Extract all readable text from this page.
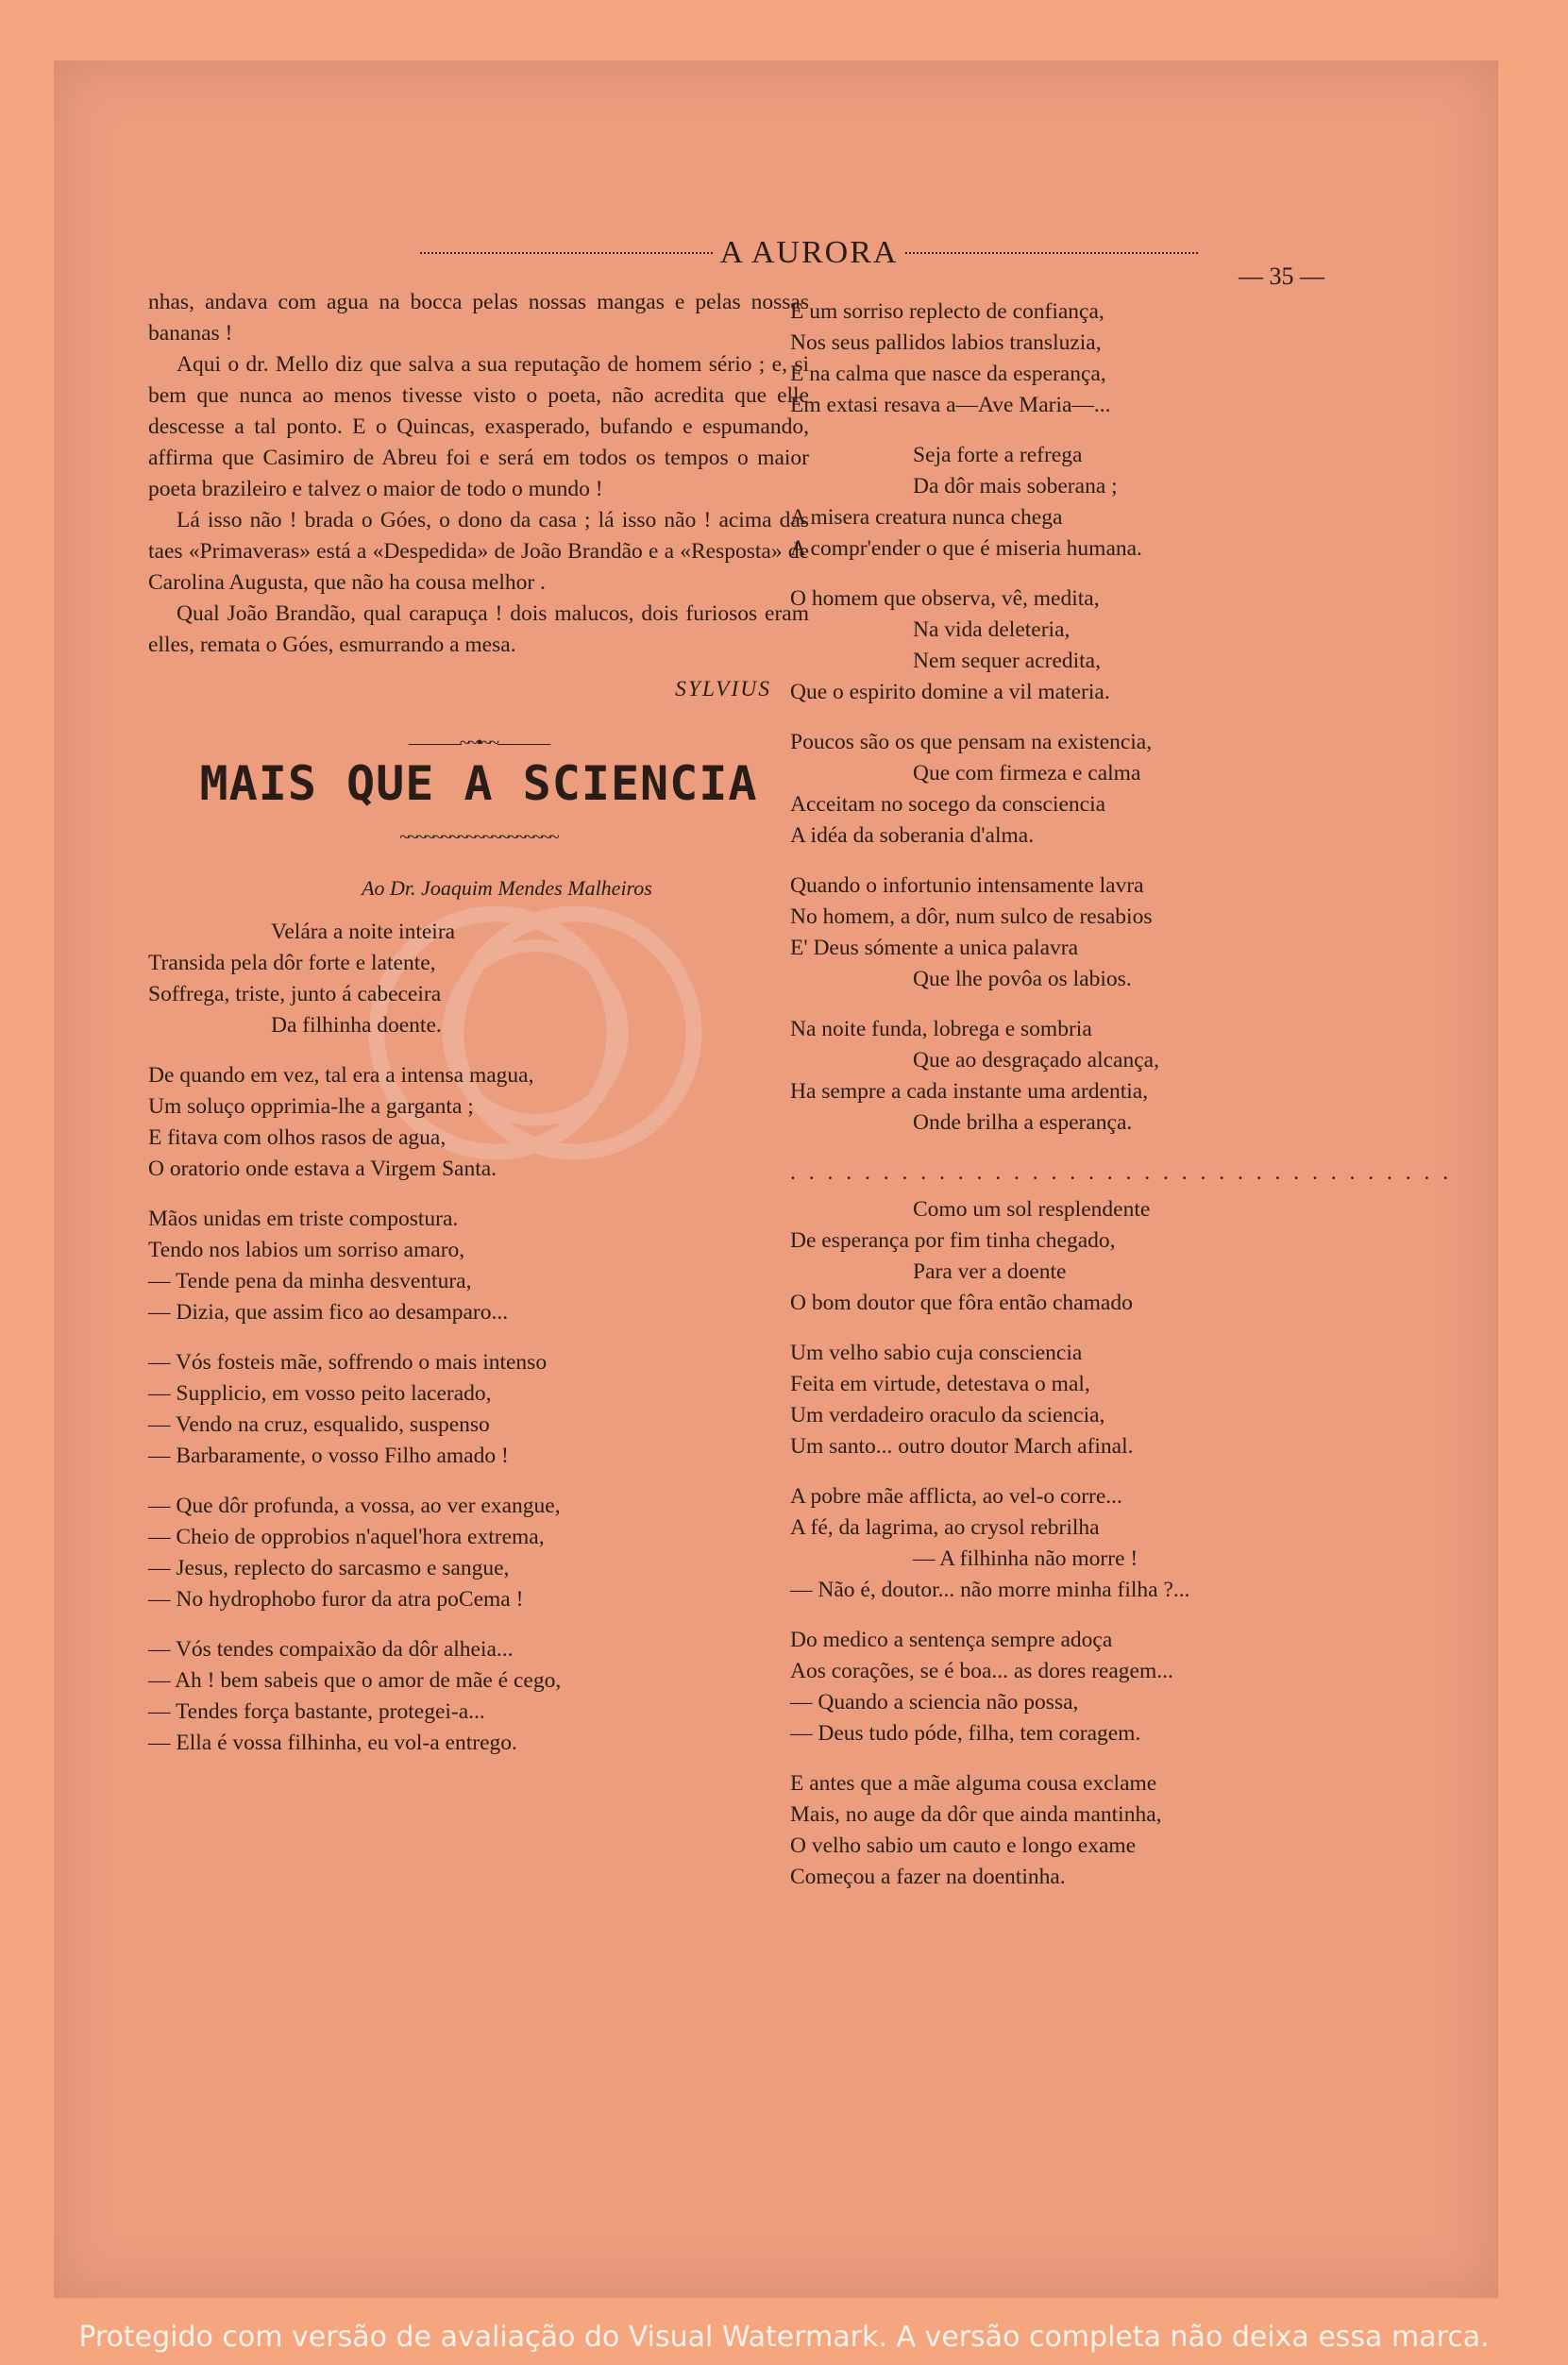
A AURORA
— 35 —

nhas, andava com agua na bocca pelas nossas mangas e pelas nossas bananas !

Aqui o dr. Mello diz que salva a sua reputação de homem sério ; e, si bem que nunca ao menos tivesse visto o poeta, não acredita que elle descesse a tal ponto. E o Quincas, exasperado, bufando e espumando, affirma que Casimiro de Abreu foi e será em todos os tempos o maior poeta brazileiro e talvez o maior de todo o mundo !

Lá isso não ! brada o Góes, o dono da casa ; lá isso não ! acima das taes «Primaveras» está a «Despedida» de João Brandão e a «Resposta» de Carolina Augusta, que não ha cousa melhor .

Qual João Brandão, qual carapuça ! dois malucos, dois furiosos eram elles, remata o Góes, esmurrando a mesa.

SYLVIUS
———~~•~~———
MAIS QUE A SCIENCIA
~~~~~~~~~~~~~~~~~~~
Ao Dr. Joaquim Mendes Malheiros
Velára a noite inteira
Transida pela dôr forte e latente,
Soffrega, triste, junto á cabeceira
Da filhinha doente.
De quando em vez, tal era a intensa magua,
Um soluço opprimia-lhe a garganta ;
E fitava com olhos rasos de agua,
O oratorio onde estava a Virgem Santa.
Mãos unidas em triste compostura.
Tendo nos labios um sorriso amaro,
— Tende pena da minha desventura,
— Dizia, que assim fico ao desamparo...
— Vós fosteis mãe, soffrendo o mais intenso
— Supplicio, em vosso peito lacerado,
— Vendo na cruz, esqualido, suspenso
— Barbaramente, o vosso Filho amado !
— Que dôr profunda, a vossa, ao ver exangue,
— Cheio de opprobios n'aquel'hora extrema,
— Jesus, replecto do sarcasmo e sangue,
— No hydrophobo furor da atra poCema !
— Vós tendes compaixão da dôr alheia...
— Ah ! bem sabeis que o amor de mãe é cego,
— Tendes força bastante, protegei-a...
— Ella é vossa filhinha, eu vol-a entrego.
E um sorriso replecto de confiança,
Nos seus pallidos labios transluzia,
E na calma que nasce da esperança,
Em extasi resava a—Ave Maria—...
Seja forte a refrega
Da dôr mais soberana ;
A misera creatura nunca chega
A compr'ender o que é miseria humana.
O homem que observa, vê, medita,
Na vida deleteria,
Nem sequer acredita,
Que o espirito domine a vil materia.
Poucos são os que pensam na existencia,
Que com firmeza e calma
Acceitam no socego da consciencia
A idéa da soberania d'alma.
Quando o infortunio intensamente lavra
No homem, a dôr, num sulco de resabios
E' Deus sómente a unica palavra
Que lhe povôa os labios.
Na noite funda, lobrega e sombria
Que ao desgraçado alcança,
Ha sempre a cada instante uma ardentia,
Onde brilha a esperança.
. . . . . . . . . . . . . . . . . . . . . . . . . . . . . . . . . . . .
Como um sol resplendente
De esperança por fim tinha chegado,
Para ver a doente
O bom doutor que fôra então chamado
Um velho sabio cuja consciencia
Feita em virtude, detestava o mal,
Um verdadeiro oraculo da sciencia,
Um santo... outro doutor March afinal.
A pobre mãe afflicta, ao vel-o corre...
A fé, da lagrima, ao crysol rebrilha
— A filhinha não morre !
— Não é, doutor... não morre minha filha ?...
Do medico a sentença sempre adoça
Aos corações, se é boa... as dores reagem...
— Quando a sciencia não possa,
— Deus tudo póde, filha, tem coragem.
E antes que a mãe alguma cousa exclame
Mais, no auge da dôr que ainda mantinha,
O velho sabio um cauto e longo exame
Começou a fazer na doentinha.
Protegido com versão de avaliação do Visual Watermark. A versão completa não deixa essa marca.
